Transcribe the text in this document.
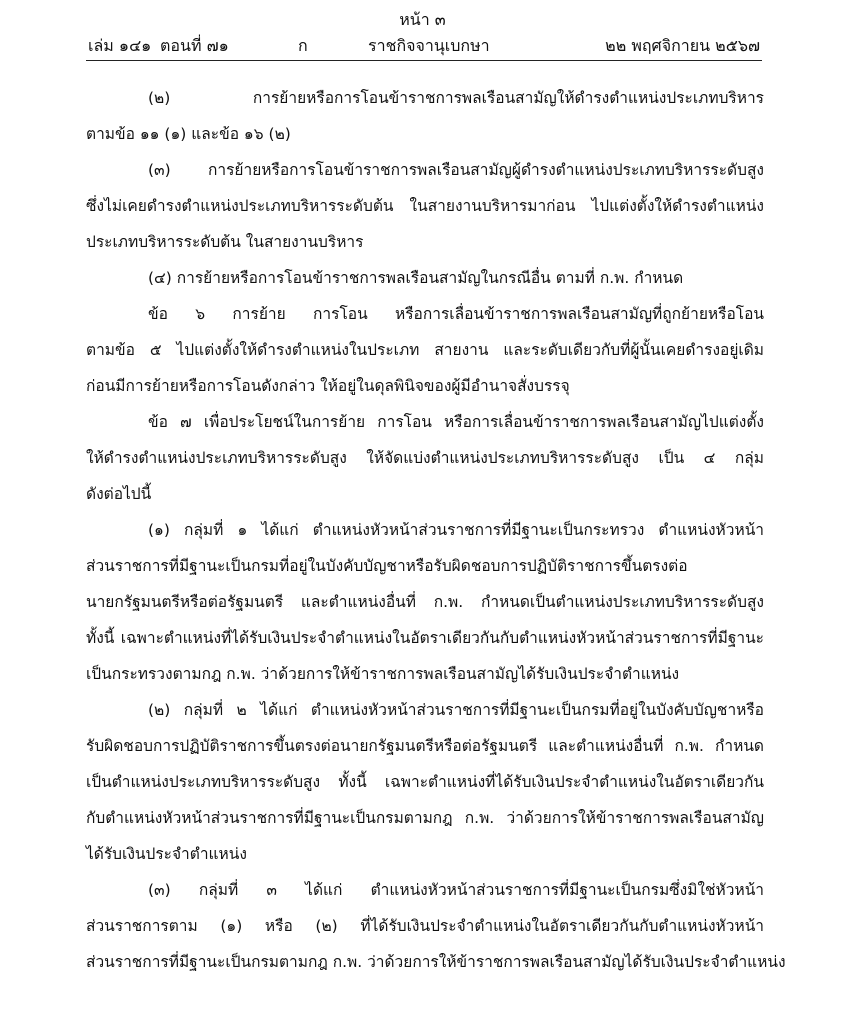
หน้า ๓
เล่ม ๑๔๑ ตอนที่ ๗๑	ก	ราชกิจจานุเบกษา	๒๒ พฤศจิกายน ๒๕๖๗
(๒) การย้ายหรือการโอนข้าราชการพลเรือนสามัญให้ดำรงตำแหน่งประเภทบริหาร
ตามข้อ ๑๑ (๑) และข้อ ๑๖ (๒)
(๓) การย้ายหรือการโอนข้าราชการพลเรือนสามัญผู้ดำรงตำแหน่งประเภทบริหารระดับสูง
ซึ่งไม่เคยดำรงตำแหน่งประเภทบริหารระดับต้น ในสายงานบริหารมาก่อน ไปแต่งตั้งให้ดำรงตำแหน่ง
ประเภทบริหารระดับต้น ในสายงานบริหาร
(๔) การย้ายหรือการโอนข้าราชการพลเรือนสามัญในกรณีอื่น ตามที่ ก.พ. กำหนด
ข้อ ๖ การย้าย การโอน หรือการเลื่อนข้าราชการพลเรือนสามัญที่ถูกย้ายหรือโอน
ตามข้อ ๕ ไปแต่งตั้งให้ดำรงตำแหน่งในประเภท สายงาน และระดับเดียวกับที่ผู้นั้นเคยดำรงอยู่เดิม
ก่อนมีการย้ายหรือการโอนดังกล่าว ให้อยู่ในดุลพินิจของผู้มีอำนาจสั่งบรรจุ
ข้อ ๗ เพื่อประโยชน์ในการย้าย การโอน หรือการเลื่อนข้าราชการพลเรือนสามัญไปแต่งตั้ง
ให้ดำรงตำแหน่งประเภทบริหารระดับสูง ให้จัดแบ่งตำแหน่งประเภทบริหารระดับสูง เป็น ๔ กลุ่ม
ดังต่อไปนี้
(๑) กลุ่มที่ ๑ ได้แก่ ตำแหน่งหัวหน้าส่วนราชการที่มีฐานะเป็นกระทรวง ตำแหน่งหัวหน้า
ส่วนราชการที่มีฐานะเป็นกรมที่อยู่ในบังคับบัญชาหรือรับผิดชอบการปฏิบัติราชการขึ้นตรงต่อ
นายกรัฐมนตรีหรือต่อรัฐมนตรี และตำแหน่งอื่นที่ ก.พ. กำหนดเป็นตำแหน่งประเภทบริหารระดับสูง
ทั้งนี้ เฉพาะตำแหน่งที่ได้รับเงินประจำตำแหน่งในอัตราเดียวกันกับตำแหน่งหัวหน้าส่วนราชการที่มีฐานะ
เป็นกระทรวงตามกฎ ก.พ. ว่าด้วยการให้ข้าราชการพลเรือนสามัญได้รับเงินประจำตำแหน่ง
(๒) กลุ่มที่ ๒ ได้แก่ ตำแหน่งหัวหน้าส่วนราชการที่มีฐานะเป็นกรมที่อยู่ในบังคับบัญชาหรือ
รับผิดชอบการปฏิบัติราชการขึ้นตรงต่อนายกรัฐมนตรีหรือต่อรัฐมนตรี และตำแหน่งอื่นที่ ก.พ. กำหนด
เป็นตำแหน่งประเภทบริหารระดับสูง ทั้งนี้ เฉพาะตำแหน่งที่ได้รับเงินประจำตำแหน่งในอัตราเดียวกัน
กับตำแหน่งหัวหน้าส่วนราชการที่มีฐานะเป็นกรมตามกฎ ก.พ. ว่าด้วยการให้ข้าราชการพลเรือนสามัญ
ได้รับเงินประจำตำแหน่ง
(๓) กลุ่มที่ ๓ ได้แก่ ตำแหน่งหัวหน้าส่วนราชการที่มีฐานะเป็นกรมซึ่งมิใช่หัวหน้า
ส่วนราชการตาม (๑) หรือ (๒) ที่ได้รับเงินประจำตำแหน่งในอัตราเดียวกันกับตำแหน่งหัวหน้า
ส่วนราชการที่มีฐานะเป็นกรมตามกฎ ก.พ. ว่าด้วยการให้ข้าราชการพลเรือนสามัญได้รับเงินประจำตำแหน่ง
